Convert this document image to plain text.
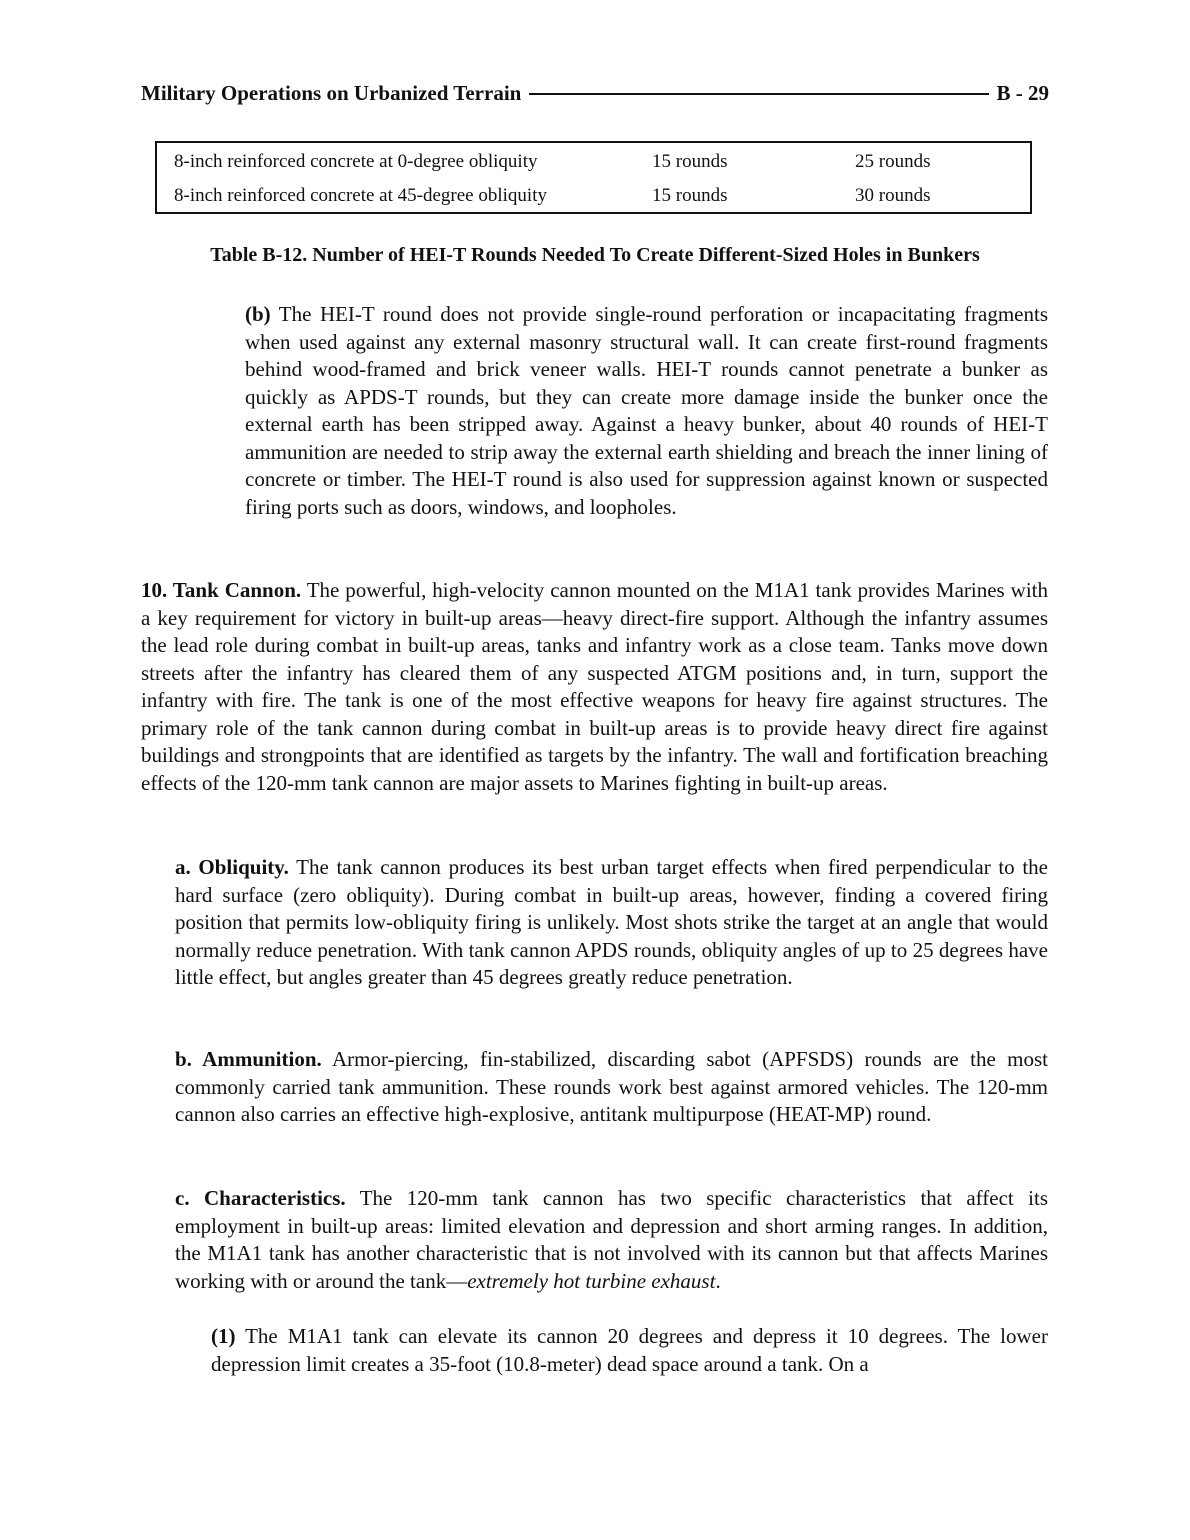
Military Operations on Urbanized Terrain	B - 29
8-inch reinforced concrete at 0-degree obliquity	15 rounds	25 rounds
8-inch reinforced concrete at 45-degree obliquity	15 rounds	30 rounds
Table B-12. Number of HEI-T Rounds Needed To Create Different-Sized Holes in Bunkers

(b) The HEI-T round does not provide single-round perforation or incapacitating fragments when used against any external masonry structural wall. It can create first-round fragments behind wood-framed and brick veneer walls. HEI-T rounds cannot penetrate a bunker as quickly as APDS-T rounds, but they can create more damage inside the bunker once the external earth has been stripped away. Against a heavy bunker, about 40 rounds of HEI-T ammunition are needed to strip away the external earth shielding and breach the inner lining of concrete or timber. The HEI-T round is also used for suppression against known or suspected firing ports such as doors, windows, and loopholes.

10. Tank Cannon. The powerful, high-velocity cannon mounted on the M1A1 tank provides Marines with a key requirement for victory in built-up areas—heavy direct-fire support. Although the infantry assumes the lead role during combat in built-up areas, tanks and infantry work as a close team. Tanks move down streets after the infantry has cleared them of any suspected ATGM positions and, in turn, support the infantry with fire. The tank is one of the most effective weapons for heavy fire against structures. The primary role of the tank cannon during combat in built-up areas is to provide heavy direct fire against buildings and strongpoints that are identified as targets by the infantry. The wall and fortification breaching effects of the 120-mm tank cannon are major assets to Marines fighting in built-up areas.

a. Obliquity. The tank cannon produces its best urban target effects when fired perpendicular to the hard surface (zero obliquity). During combat in built-up areas, however, finding a covered firing position that permits low-obliquity firing is unlikely. Most shots strike the target at an angle that would normally reduce penetration. With tank cannon APDS rounds, obliquity angles of up to 25 degrees have little effect, but angles greater than 45 degrees greatly reduce penetration.

b. Ammunition. Armor-piercing, fin-stabilized, discarding sabot (APFSDS) rounds are the most commonly carried tank ammunition. These rounds work best against armored vehicles. The 120-mm cannon also carries an effective high-explosive, antitank multipurpose (HEAT-MP) round.

c. Characteristics. The 120-mm tank cannon has two specific characteristics that affect its employment in built-up areas: limited elevation and depression and short arming ranges. In addition, the M1A1 tank has another characteristic that is not involved with its cannon but that affects Marines working with or around the tank—extremely hot turbine exhaust.

(1) The M1A1 tank can elevate its cannon 20 degrees and depress it 10 degrees. The lower depression limit creates a 35-foot (10.8-meter) dead space around a tank. On a
